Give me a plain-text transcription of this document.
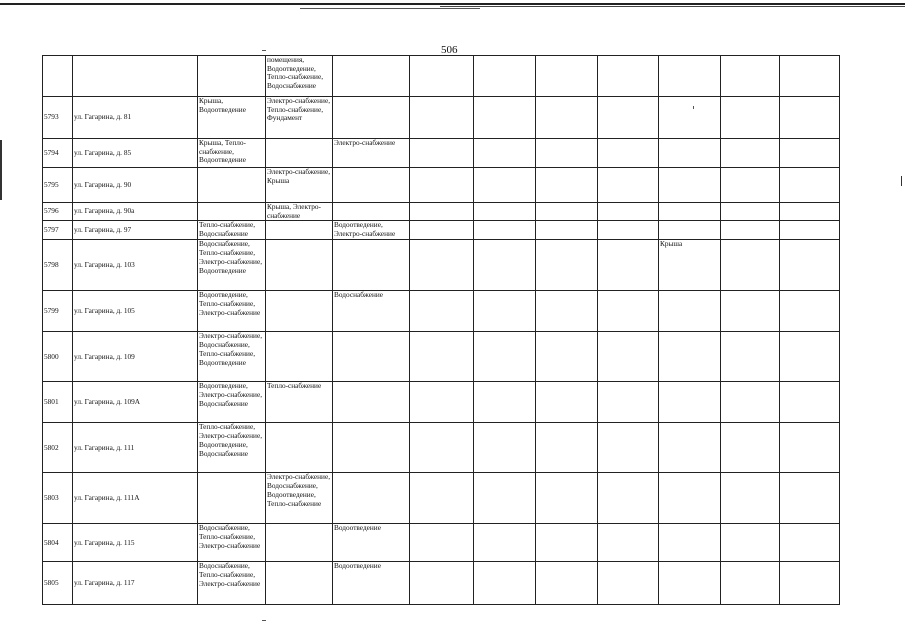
506
			помещения, Водоотведение, Тепло-снабжение, Водоснабжение								
5793	ул. Гагарина, д. 81	Крыша, Водоотведение	Электро-снабжение, Тепло-снабжение, Фундамент								
5794	ул. Гагарина, д. 85	Крыша, Тепло-снабжение, Водоотведение		Электро-снабжение							
5795	ул. Гагарина, д. 90		Электро-снабжение, Крыша								
5796	ул. Гагарина, д. 90а		Крыша, Электро-снабжение								
5797	ул. Гагарина, д. 97	Тепло-снабжение, Водоснабжение		Водоотведение, Электро-снабжение							
5798	ул. Гагарина, д. 103	Водоснабжение, Тепло-снабжение, Электро-снабжение, Водоотведение							Крыша		
5799	ул. Гагарина, д. 105	Водоотведение, Тепло-снабжение, Электро-снабжение		Водоснабжение							
5800	ул. Гагарина, д. 109	Электро-снабжение, Водоснабжение, Тепло-снабжение, Водоотведение									
5801	ул. Гагарина, д. 109А	Водоотведение, Электро-снабжение, Водоснабжение	Тепло-снабжение								
5802	ул. Гагарина, д. 111	Тепло-снабжение, Электро-снабжение, Водоотведение, Водоснабжение									
5803	ул. Гагарина, д. 111А		Электро-снабжение, Водоснабжение, Водоотведение, Тепло-снабжение								
5804	ул. Гагарина, д. 115	Водоснабжение, Тепло-снабжение, Электро-снабжение		Водоотведение							
5805	ул. Гагарина, д. 117	Водоснабжение, Тепло-снабжение, Электро-снабжение		Водоотведение							
